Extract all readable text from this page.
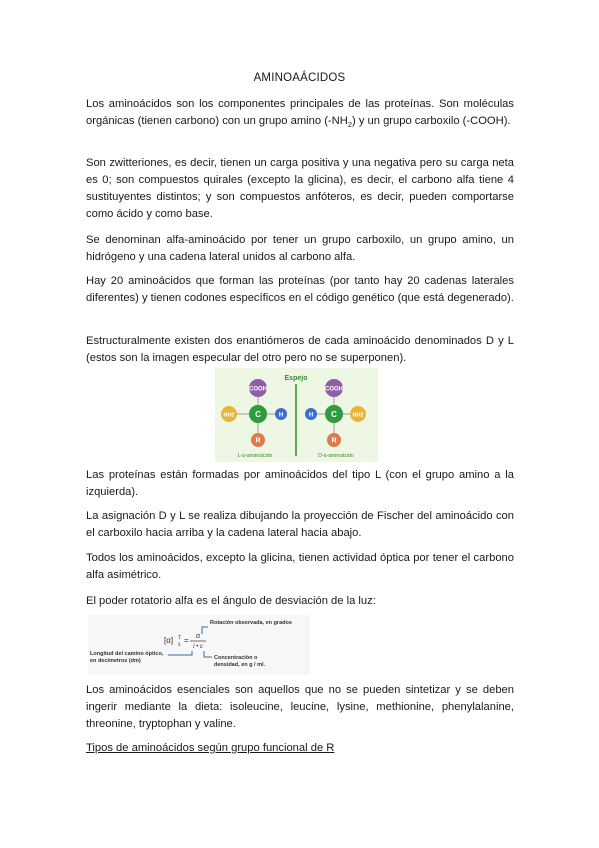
AMINOAÁCIDOS

Los aminoácidos son los componentes principales de las proteínas. Son moléculas orgánicas (tienen carbono) con un grupo amino $(-NH_2)$ y un grupo carboxilo (-COOH).

Son zwitteriones, es decir, tienen un carga positiva y una negativa pero su carga neta es 0; son compuestos quirales (excepto la glicina), es decir, el carbono alfa tiene 4 sustituyentes distintos; y son compuestos anfóteros, es decir, pueden comportarse como ácido y como base.

Se denominan alfa-aminoácido por tener un grupo carboxilo, un grupo amino, un hidrógeno y una cadena lateral unidos al carbono alfa.

Hay 20 aminoácidos que forman las proteínas (por tanto hay 20 cadenas laterales diferentes) y tienen codones específicos en el código genético (que está degenerado).

Estructuralmente existen dos enantiómeros de cada aminoácido denominados D y L (estos son la imagen especular del otro pero no se superponen).

Espejo
COOH
NH2	C	H
R
L-α-aminoácido
COOH
H C	NH2
R
D-α-aminoácido

Las proteínas están formadas por aminoácidos del tipo L (con el grupo amino a la izquierda).

La asignación D y L se realiza dibujando la proyección de Fischer del aminoácido con el carboxilo hacia arriba y la cadena lateral hacia abajo.

Todos los aminoácidos, excepto la glicina, tienen actividad óptica por tener el carbono alfa asimétrico.

El poder rotatorio alfa es el ángulo de desviación de la luz:

[α] T
λ = α
l • c
Rotación observada, en grados
Longitud del camino óptico,
en decimetros (dm)	Concentración o
densidad, en g / ml.

Los aminoácidos esenciales son aquellos que no se pueden sintetizar y se deben ingerir mediante la dieta: isoleucine, leucine, lysine, methionine, phenylalanine, threonine, tryptophan y valine.

Tipos de aminoácidos según grupo funcional de R
